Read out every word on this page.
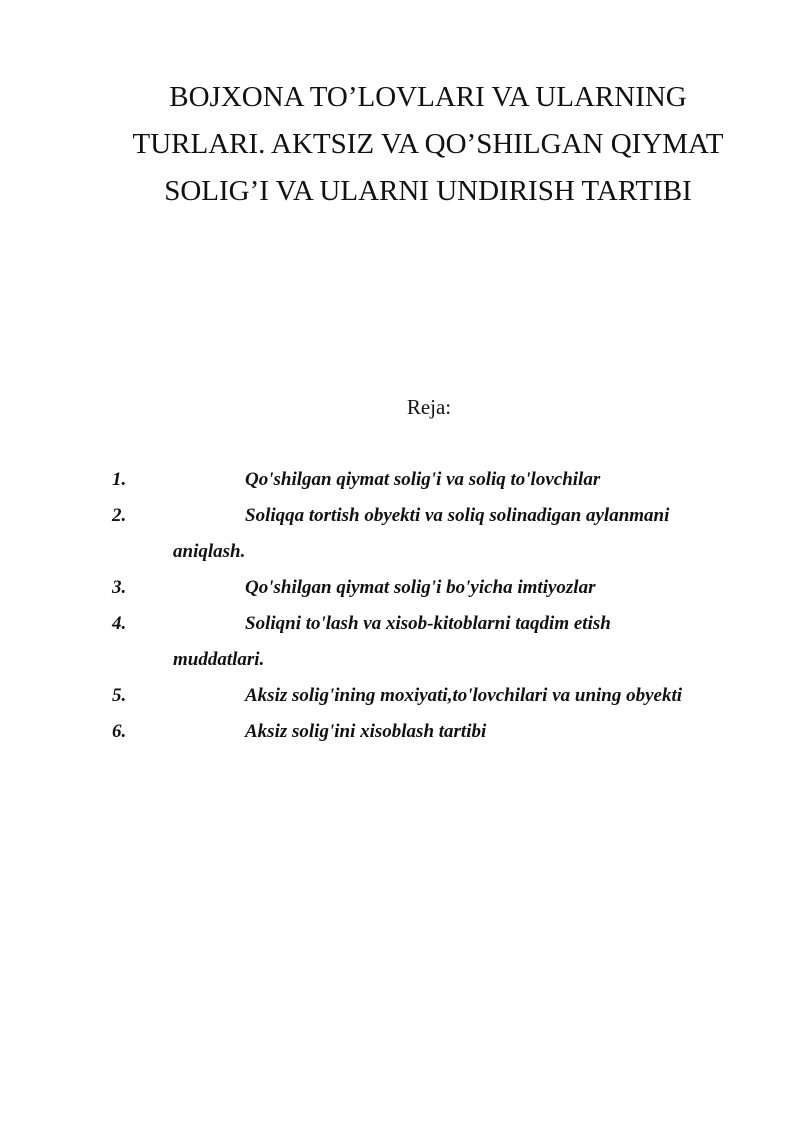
BOJXONA TO’LOVLARI VA ULARNING
TURLARI. AKTSIZ VA QO’SHILGAN QIYMAT
SOLIG’I VA ULARNI UNDIRISH TARTIBI
Reja:
1.	Qo'shilgan qiymat solig'i va soliq to'lovchilar
2.	Soliqqa tortish obyekti va soliq solinadigan aylanmani
aniqlash.
3.	Qo'shilgan qiymat solig'i bo'yicha imtiyozlar
4.	Soliqni to'lash va xisob-kitoblarni taqdim etish
muddatlari.
5.	Aksiz solig'ining moxiyati,to'lovchilari va uning obyekti
6.	Aksiz solig'ini xisoblash tartibi
